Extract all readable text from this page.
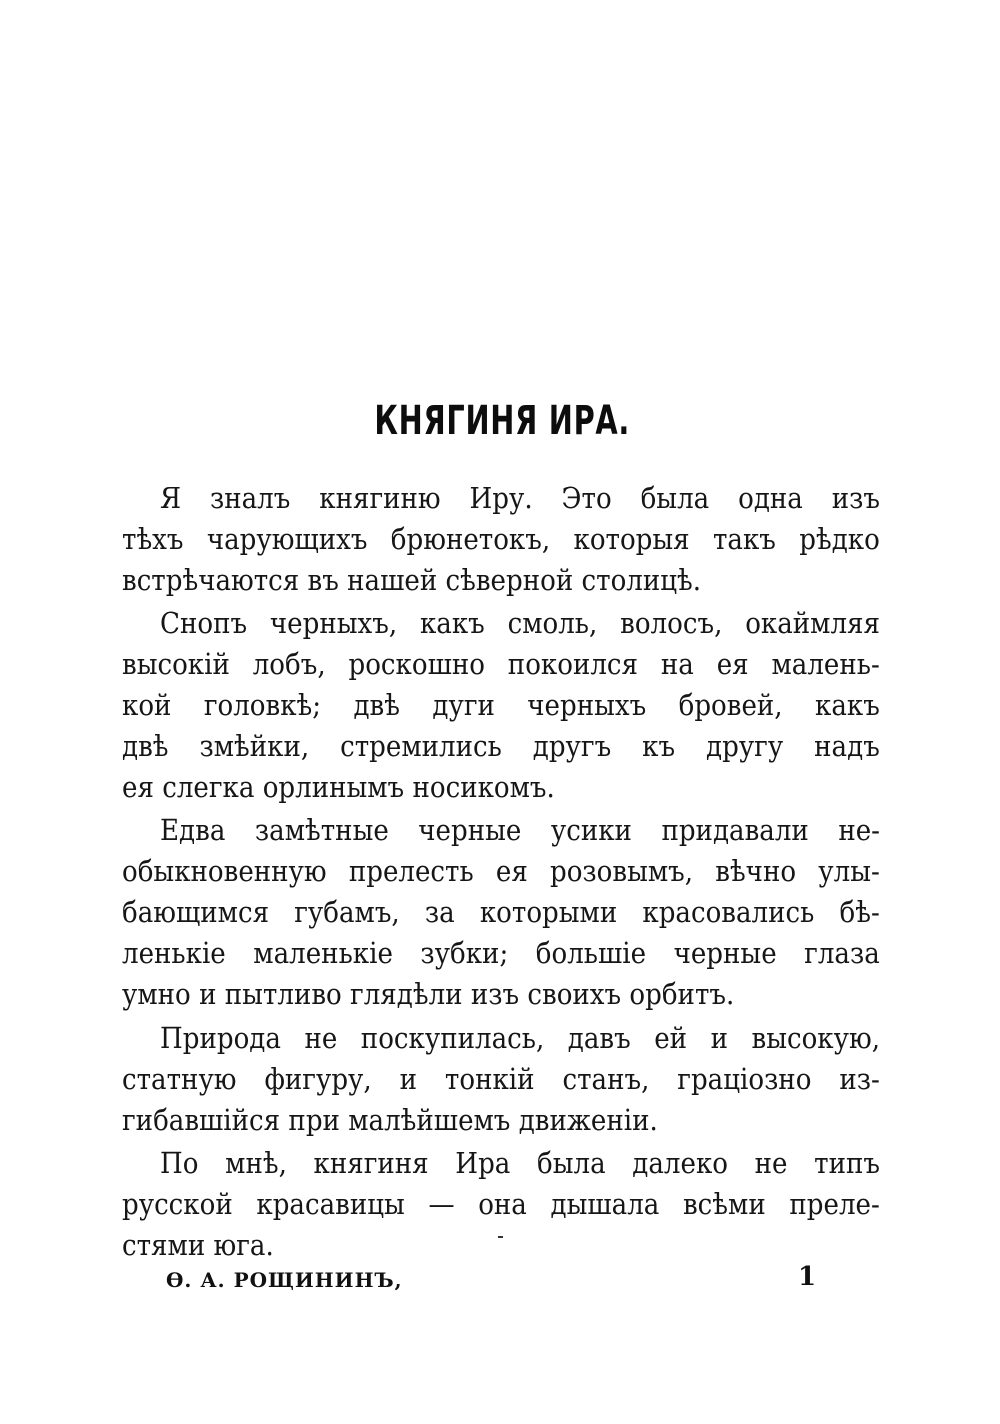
КНЯГИНЯ ИРА.
Я зналъ княгиню Иру. Это была одна изъ
тѣхъ чарующихъ брюнетокъ, которыя такъ рѣдко
встрѣчаются въ нашей сѣверной столицѣ.
Снопъ черныхъ, какъ смоль, волосъ, окаймляя
высокій лобъ, роскошно покоился на ея малень-
кой головкѣ; двѣ дуги черныхъ бровей, какъ
двѣ змѣйки, стремились другъ къ другу надъ
ея слегка орлинымъ носикомъ.
Едва замѣтные черные усики придавали не-
обыкновенную прелесть ея розовымъ, вѣчно улы-
бающимся губамъ, за которыми красовались бѣ-
ленькіе маленькіе зубки; большіе черные глаза
умно и пытливо глядѣли изъ своихъ орбитъ.
Природа не поскупилась, давъ ей и высокую,
статную фигуру, и тонкій станъ, граціозно из-
гибавшійся при малѣйшемъ движеніи.
По мнѣ, княгиня Ира была далеко не типъ
русской красавицы — она дышала всѣми преле-
стями юга.
Ѳ. А. РОЩИНИНЪ,	1
